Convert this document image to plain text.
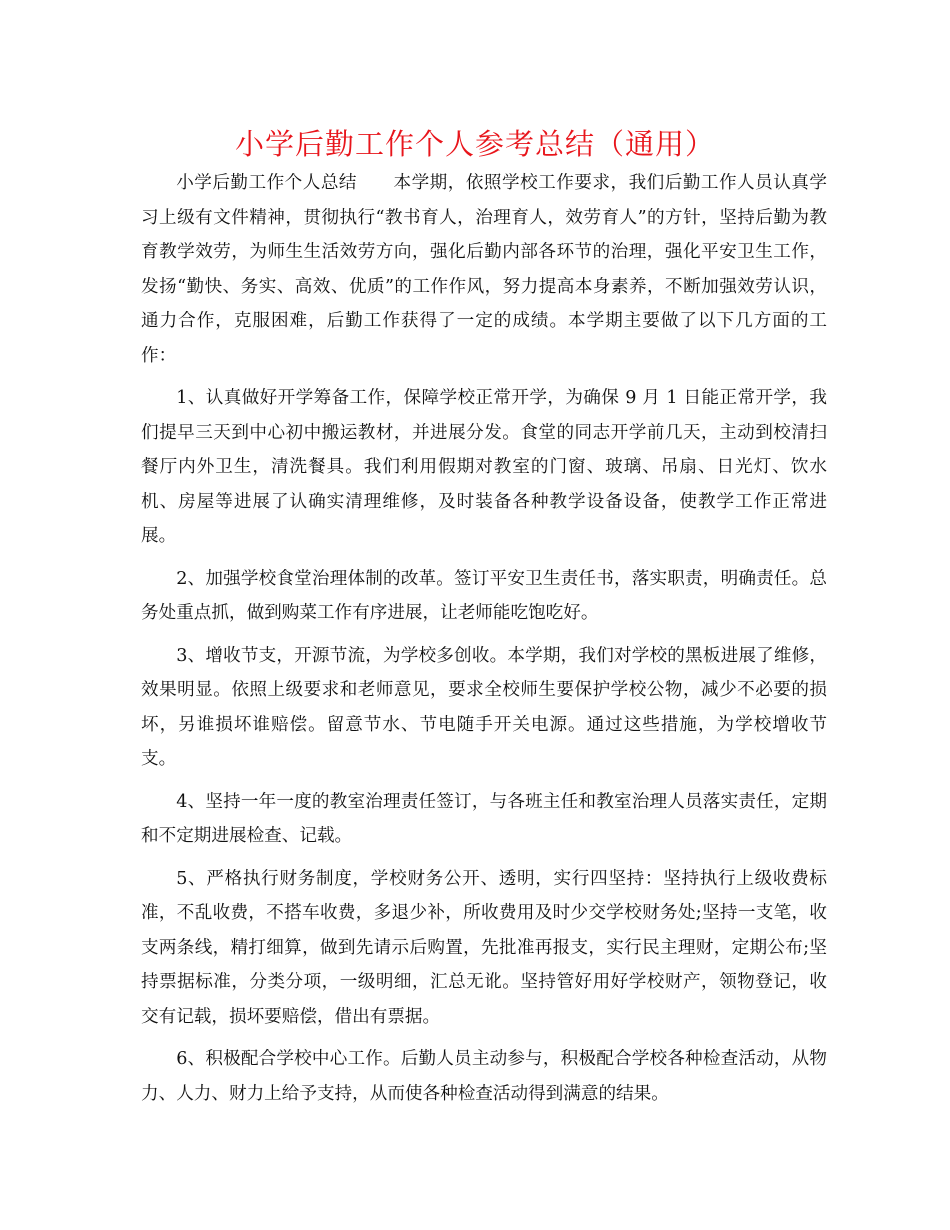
小学后勤工作个人参考总结（通用）

小学后勤工作个人总结 本学期，依照学校工作要求，我们后勤工作人员认真学习上级有文件精神，贯彻执行“教书育人，治理育人，效劳育人”的方针，坚持后勤为教育教学效劳，为师生生活效劳方向，强化后勤内部各环节的治理，强化平安卫生工作，发扬“勤快、务实、高效、优质”的工作作风，努力提高本身素养，不断加强效劳认识，通力合作，克服困难，后勤工作获得了一定的成绩。本学期主要做了以下几方面的工作：

1、认真做好开学筹备工作，保障学校正常开学，为确保 9 月 1 日能正常开学，我们提早三天到中心初中搬运教材，并进展分发。食堂的同志开学前几天，主动到校清扫餐厅内外卫生，清洗餐具。我们利用假期对教室的门窗、玻璃、吊扇、日光灯、饮水机、房屋等进展了认确实清理维修，及时装备各种教学设备设备，使教学工作正常进展。

2、加强学校食堂治理体制的改革。签订平安卫生责任书，落实职责，明确责任。总务处重点抓，做到购菜工作有序进展，让老师能吃饱吃好。

3、增收节支，开源节流，为学校多创收。本学期，我们对学校的黑板进展了维修，效果明显。依照上级要求和老师意见，要求全校师生要保护学校公物，减少不必要的损坏，另谁损坏谁赔偿。留意节水、节电随手开关电源。通过这些措施，为学校增收节支。

4、坚持一年一度的教室治理责任签订，与各班主任和教室治理人员落实责任，定期和不定期进展检查、记载。

5、严格执行财务制度，学校财务公开、透明，实行四坚持：坚持执行上级收费标准，不乱收费，不搭车收费，多退少补，所收费用及时少交学校财务处;坚持一支笔，收支两条线，精打细算，做到先请示后购置，先批准再报支，实行民主理财，定期公布;坚持票据标准，分类分项，一级明细，汇总无讹。坚持管好用好学校财产，领物登记，收交有记载，损坏要赔偿，借出有票据。

6、积极配合学校中心工作。后勤人员主动参与，积极配合学校各种检查活动，从物力、人力、财力上给予支持，从而使各种检查活动得到满意的结果。
